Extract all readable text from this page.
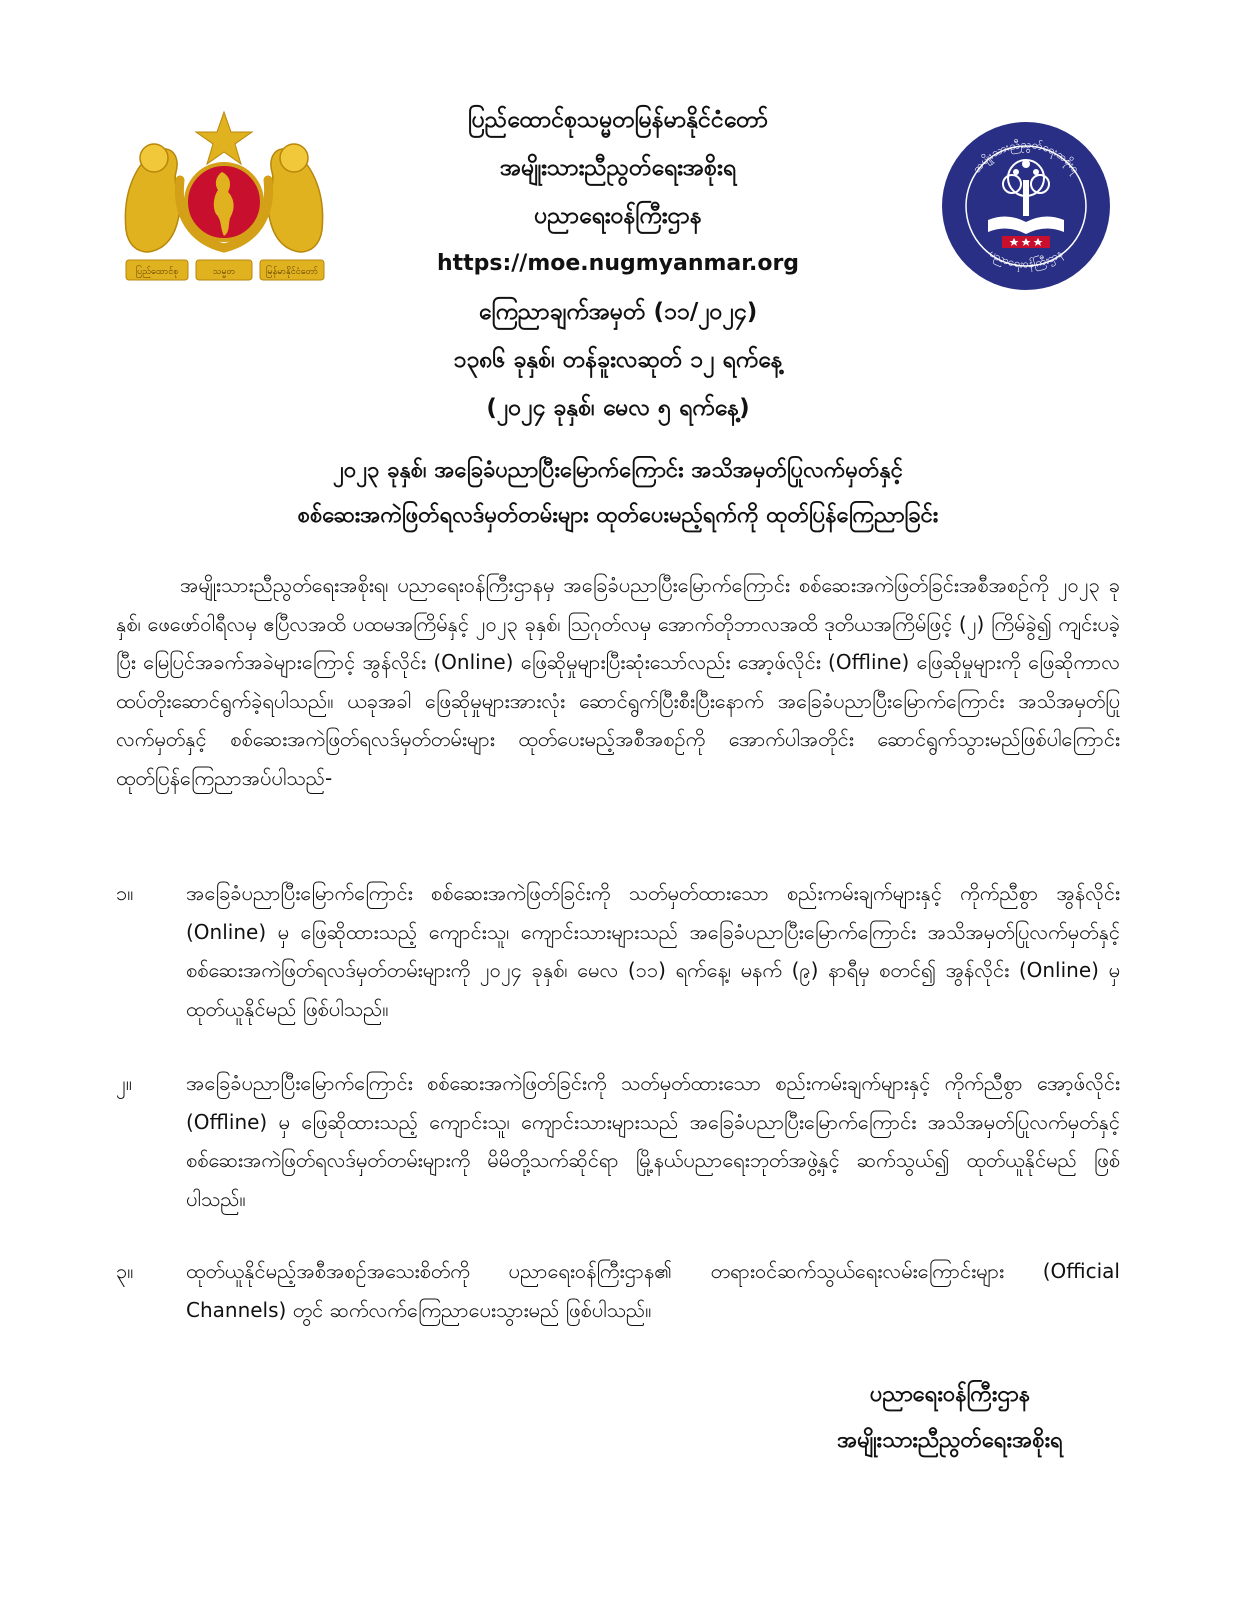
ပြည်ထောင်စု	သမ္မတ	မြန်မာနိုင်ငံတော်
အမျိုးသားညီညွတ်ရေးအစိုးရ
ပညာရေးဝန်ကြီးဌာန
ပြည်ထောင်စုသမ္မတမြန်မာနိုင်ငံတော်
အမျိုးသားညီညွတ်ရေးအစိုးရ
ပညာရေးဝန်ကြီးဌာန
https://moe.nugmyanmar.org
ကြေညာချက်အမှတ် (၁၁/၂၀၂၄)
၁၃၈၆ ခုနှစ်၊ တန်ခူးလဆုတ် ၁၂ ရက်နေ့
(၂၀၂၄ ခုနှစ်၊ မေလ ၅ ရက်နေ့)
၂၀၂၃ ခုနှစ်၊ အခြေခံပညာပြီးမြောက်ကြောင်း အသိအမှတ်ပြုလက်မှတ်နှင့်
စစ်ဆေးအကဲဖြတ်ရလဒ်မှတ်တမ်းများ ထုတ်ပေးမည့်ရက်ကို ထုတ်ပြန်ကြေညာခြင်း
အမျိုးသားညီညွတ်ရေးအစိုးရ၊ ပညာရေးဝန်ကြီးဌာနမှ အခြေခံပညာပြီးမြောက်ကြောင်း စစ်ဆေးအကဲဖြတ်ခြင်းအစီအစဉ်ကို ၂၀၂၃ ခုနှစ်၊ ဖေဖော်ဝါရီလမှ ဧပြီလအထိ ပထမအကြိမ်နှင့် ၂၀၂၃ ခုနှစ်၊ ဩဂုတ်လမှ အောက်တိုဘာလအထိ ဒုတိယအကြိမ်ဖြင့် (၂) ကြိမ်ခွဲ၍ ကျင်းပခဲ့ပြီး မြေပြင်အခက်အခဲများကြောင့် အွန်လိုင်း (Online) ဖြေဆိုမှုများပြီးဆုံးသော်လည်း အော့ဖ်လိုင်း (Offline) ဖြေဆိုမှုများကို ဖြေဆိုကာလ ထပ်တိုးဆောင်ရွက်ခဲ့ရပါသည်။ ယခုအခါ ဖြေဆိုမှုများအားလုံး ဆောင်ရွက်ပြီးစီးပြီးနောက် အခြေခံပညာပြီးမြောက်ကြောင်း အသိအမှတ်ပြုလက်မှတ်နှင့် စစ်ဆေးအကဲဖြတ်ရလဒ်မှတ်တမ်းများ ထုတ်ပေးမည့်အစီအစဉ်ကို အောက်ပါအတိုင်း ဆောင်ရွက်သွားမည်ဖြစ်ပါကြောင်း ထုတ်ပြန်ကြေညာအပ်ပါသည်-
၁။	အခြေခံပညာပြီးမြောက်ကြောင်း စစ်ဆေးအကဲဖြတ်ခြင်းကို သတ်မှတ်ထားသော စည်းကမ်းချက်များနှင့် ကိုက်ညီစွာ အွန်လိုင်း (Online) မှ ဖြေဆိုထားသည့် ကျောင်းသူ၊ ကျောင်းသားများသည် အခြေခံပညာပြီးမြောက်ကြောင်း အသိအမှတ်ပြုလက်မှတ်နှင့် စစ်ဆေးအကဲဖြတ်ရလဒ်မှတ်တမ်းများကို ၂၀၂၄ ခုနှစ်၊ မေလ (၁၁) ရက်နေ့၊ မနက် (၉) နာရီမှ စတင်၍ အွန်လိုင်း (Online) မှ ထုတ်ယူနိုင်မည် ဖြစ်ပါသည်။
၂။	အခြေခံပညာပြီးမြောက်ကြောင်း စစ်ဆေးအကဲဖြတ်ခြင်းကို သတ်မှတ်ထားသော စည်းကမ်းချက်များနှင့် ကိုက်ညီစွာ အော့ဖ်လိုင်း (Offline) မှ ဖြေဆိုထားသည့် ကျောင်းသူ၊ ကျောင်းသားများသည် အခြေခံပညာပြီးမြောက်ကြောင်း အသိအမှတ်ပြုလက်မှတ်နှင့် စစ်ဆေးအကဲဖြတ်ရလဒ်မှတ်တမ်းများကို မိမိတို့သက်ဆိုင်ရာ မြို့နယ်ပညာရေးဘုတ်အဖွဲ့နှင့် ဆက်သွယ်၍ ထုတ်ယူနိုင်မည် ဖြစ်ပါသည်။
၃။	ထုတ်ယူနိုင်မည့်အစီအစဉ်အသေးစိတ်ကို ပညာရေးဝန်ကြီးဌာန၏ တရားဝင်ဆက်သွယ်ရေးလမ်းကြောင်းများ (Official Channels) တွင် ဆက်လက်ကြေညာပေးသွားမည် ဖြစ်ပါသည်။
ပညာရေးဝန်ကြီးဌာန
အမျိုးသားညီညွတ်ရေးအစိုးရ
